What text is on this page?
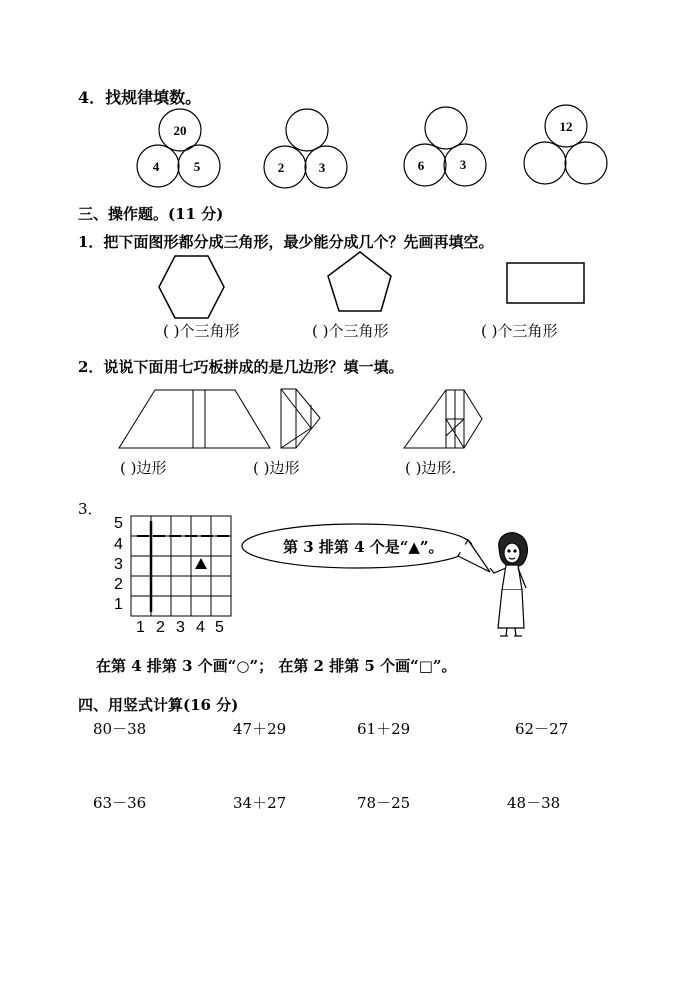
4．找规律填数。
20
4	5	2	3	6	3
12
三、操作题。(11 分)
1．把下面图形都分成三角形，最少能分成几个？先画再填空。
( )个三角形	( )个三角形	( )个三角形
2．说说下面用七巧板拼成的是几边形？填一填。
( )边形	( )边形	( )边形.
3．
5
4
3
2
1
1 2 3 4 5
第 3 排第 4 个是“▲”。
在第 4 排第 3 个画“○”； 在第 2 排第 5 个画“□”。
四、用竖式计算(16 分)
80－38	47＋29	61＋29	62－27
63－36	34＋27	78－25	48－38
